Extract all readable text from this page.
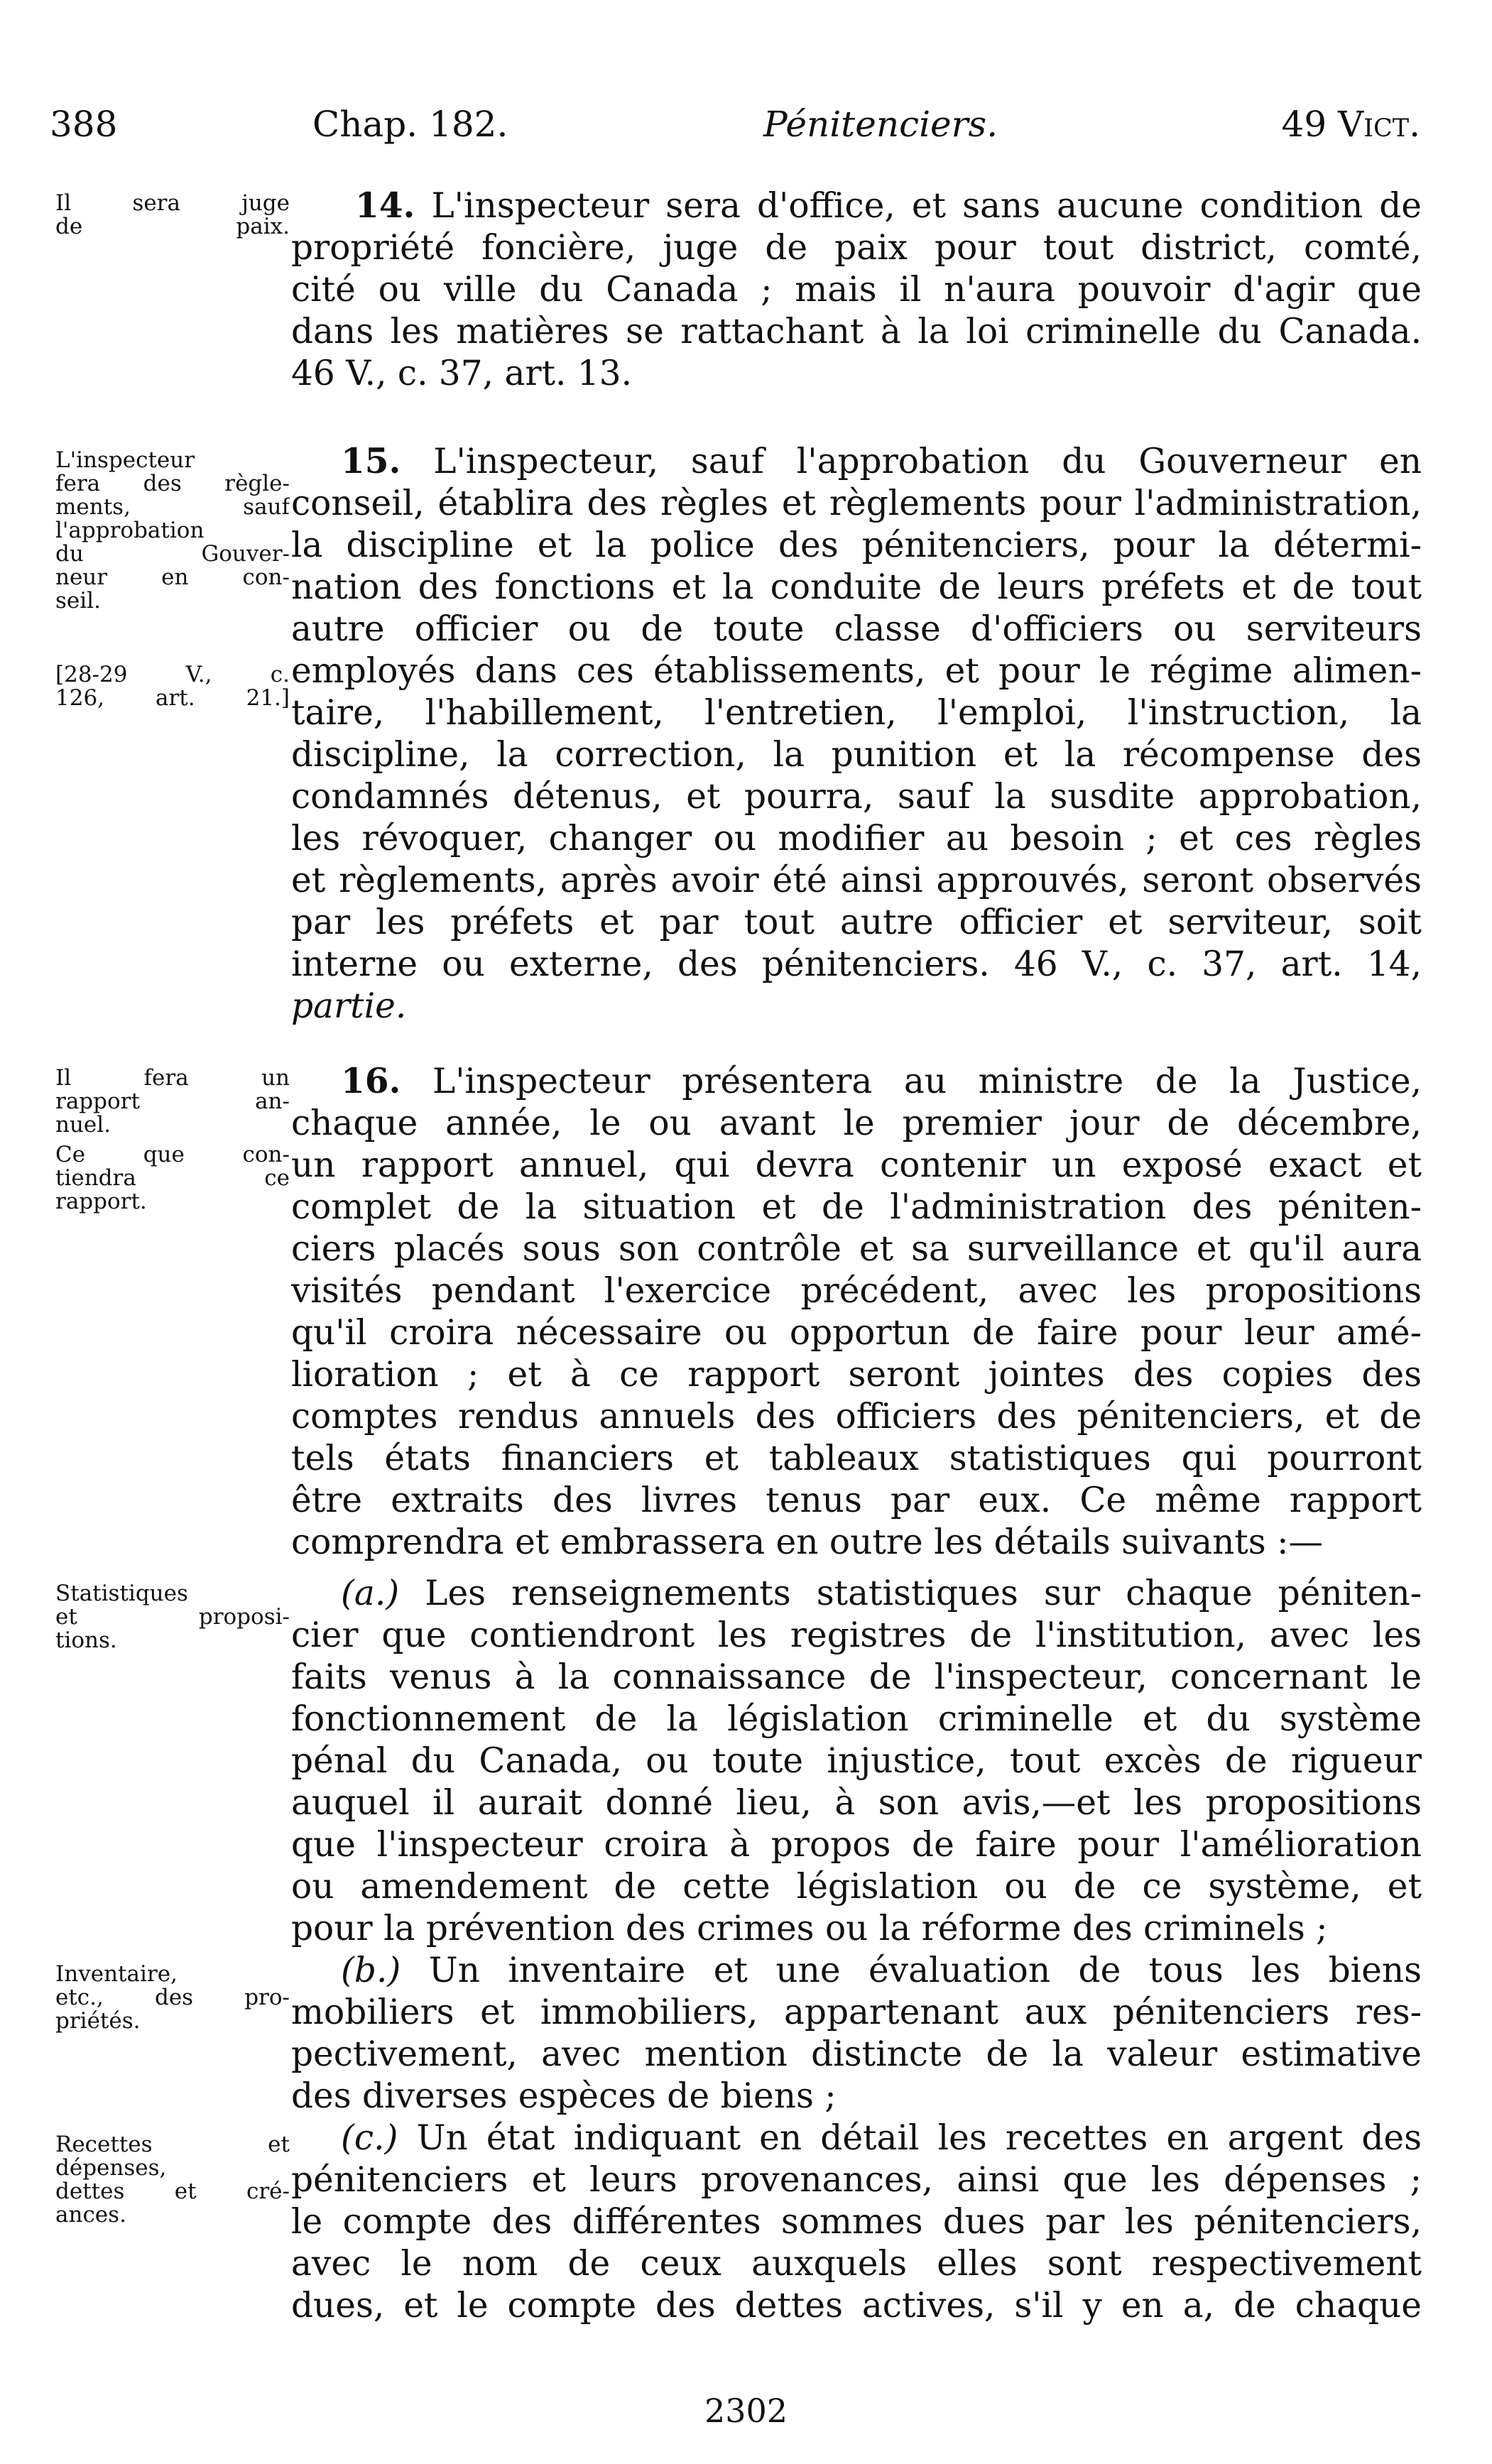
388	Chap. 182.	Pénitenciers.	49 Vict.
Il sera juge
de paix.
L'inspecteur
fera des règle-
ments, sauf
l'approbation
du Gouver-
neur en con-
seil.
[28-29 V., c.
126, art. 21.]
Il fera un
rapport an-
nuel.
Ce que con-
tiendra ce
rapport.
Statistiques
et proposi-
tions.
Inventaire,
etc., des pro-
priétés.
Recettes et
dépenses,
dettes et cré-
ances.
14. L'inspecteur sera d'office, et sans aucune condition de
propriété foncière, juge de paix pour tout district, comté,
cité ou ville du Canada ; mais il n'aura pouvoir d'agir que
dans les matières se rattachant à la loi criminelle du Canada.
46 V., c. 37, art. 13.
15. L'inspecteur, sauf l'approbation du Gouverneur en
conseil, établira des règles et règlements pour l'administration,
la discipline et la police des pénitenciers, pour la détermi-
nation des fonctions et la conduite de leurs préfets et de tout
autre officier ou de toute classe d'officiers ou serviteurs
employés dans ces établissements, et pour le régime alimen-
taire, l'habillement, l'entretien, l'emploi, l'instruction, la
discipline, la correction, la punition et la récompense des
condamnés détenus, et pourra, sauf la susdite approbation,
les révoquer, changer ou modifier au besoin ; et ces règles
et règlements, après avoir été ainsi approuvés, seront observés
par les préfets et par tout autre officier et serviteur, soit
interne ou externe, des pénitenciers. 46 V., c. 37, art. 14,
partie.
16. L'inspecteur présentera au ministre de la Justice,
chaque année, le ou avant le premier jour de décembre,
un rapport annuel, qui devra contenir un exposé exact et
complet de la situation et de l'administration des péniten-
ciers placés sous son contrôle et sa surveillance et qu'il aura
visités pendant l'exercice précédent, avec les propositions
qu'il croira nécessaire ou opportun de faire pour leur amé-
lioration ; et à ce rapport seront jointes des copies des
comptes rendus annuels des officiers des pénitenciers, et de
tels états financiers et tableaux statistiques qui pourront
être extraits des livres tenus par eux. Ce même rapport
comprendra et embrassera en outre les détails suivants :—
(a.) Les renseignements statistiques sur chaque péniten-
cier que contiendront les registres de l'institution, avec les
faits venus à la connaissance de l'inspecteur, concernant le
fonctionnement de la législation criminelle et du système
pénal du Canada, ou toute injustice, tout excès de rigueur
auquel il aurait donné lieu, à son avis,—et les propositions
que l'inspecteur croira à propos de faire pour l'amélioration
ou amendement de cette législation ou de ce système, et
pour la prévention des crimes ou la réforme des criminels ;
(b.) Un inventaire et une évaluation de tous les biens
mobiliers et immobiliers, appartenant aux pénitenciers res-
pectivement, avec mention distincte de la valeur estimative
des diverses espèces de biens ;
(c.) Un état indiquant en détail les recettes en argent des
pénitenciers et leurs provenances, ainsi que les dépenses ;
le compte des différentes sommes dues par les pénitenciers,
avec le nom de ceux auxquels elles sont respectivement
dues, et le compte des dettes actives, s'il y en a, de chaque
2302
